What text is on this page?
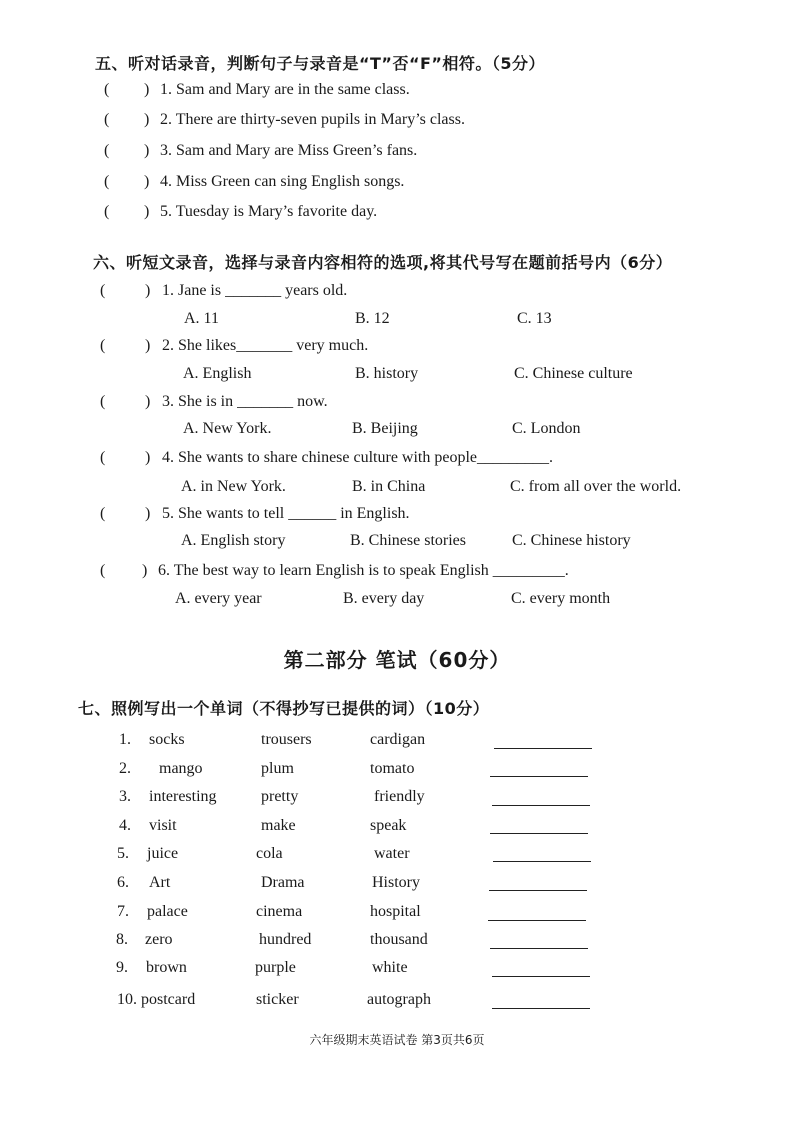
五、听对话录音，判断句子与录音是“T”否“F”相符。（5分）
( ) 1. Sam and Mary are in the same class.
( ) 2. There are thirty-seven pupils in Mary’s class.
( ) 3. Sam and Mary are Miss Green’s fans.
( ) 4. Miss Green can sing English songs.
( ) 5. Tuesday is Mary’s favorite day.
六、听短文录音，选择与录音内容相符的选项,将其代号写在题前括号内（6分）
( ) 1. Jane is _______ years old.
A. 11	B. 12	C. 13
( ) 2. She likes_______ very much.
A. English	B. history	C. Chinese culture
( ) 3. She is in _______ now.
A. New York.	B. Beijing	C. London
( ) 4. She wants to share chinese culture with people_________.
A. in New York.	B. in China	C. from all over the world.
( ) 5. She wants to tell ______ in English.
A. English story	B. Chinese stories	C. Chinese history
( ) 6. The best way to learn English is to speak English _________.
A. every year	B. every day	C. every month
第二部分 笔试（60分）
七、照例写出一个单词（不得抄写已提供的词）（10分）
1. socks	trousers	cardigan
2. mango	plum	tomato
3. interesting	pretty	friendly
4. visit	make	speak
5. juice	cola	water
6. Art	Drama	History
7. palace	cinema	hospital
8. zero	hundred	thousand
9. brown	purple	white
10. postcard	sticker	autograph
六年级期末英语试卷 第3页共6页
